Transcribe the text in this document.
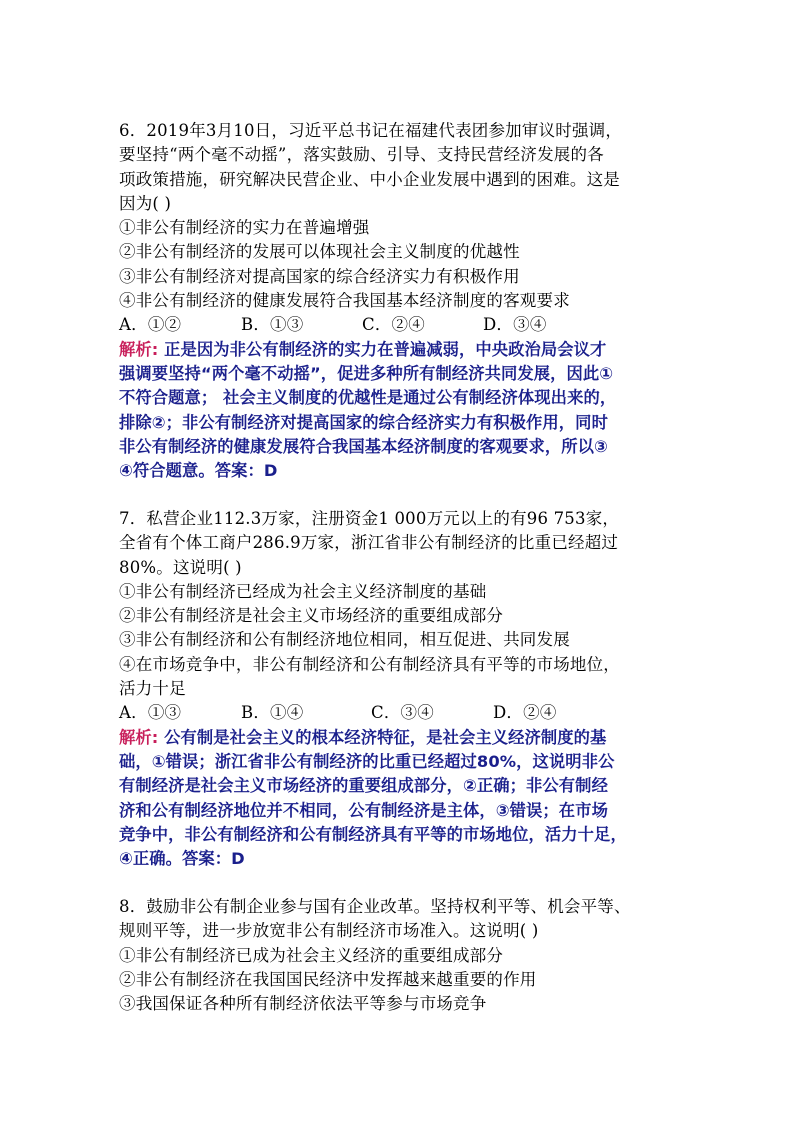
6．2019年3月10日，习近平总书记在福建代表团参加审议时强调，
要坚持“两个毫不动摇”，落实鼓励、引导、支持民营经济发展的各
项政策措施，研究解决民营企业、中小企业发展中遇到的困难。这是
因为( )
①非公有制经济的实力在普遍增强
②非公有制经济的发展可以体现社会主义制度的优越性
③非公有制经济对提高国家的综合经济实力有积极作用
④非公有制经济的健康发展符合我国基本经济制度的客观要求
A．①②	B．①③	C．②④	D．③④
解析: 正是因为非公有制经济的实力在普遍减弱，中央政治局会议才
强调要坚持“两个毫不动摇”，促进多种所有制经济共同发展，因此①
不符合题意； 社会主义制度的优越性是通过公有制经济体现出来的，
排除②；非公有制经济对提高国家的综合经济实力有积极作用，同时
非公有制经济的健康发展符合我国基本经济制度的客观要求，所以③
④符合题意。答案：D
7．私营企业112.3万家，注册资金1 000万元以上的有96 753家，
全省有个体工商户286.9万家，浙江省非公有制经济的比重已经超过
80%。这说明( )
①非公有制经济已经成为社会主义经济制度的基础
②非公有制经济是社会主义市场经济的重要组成部分
③非公有制经济和公有制经济地位相同，相互促进、共同发展
④在市场竞争中，非公有制经济和公有制经济具有平等的市场地位，
活力十足
A．①③	B．①④	C．③④	D．②④
解析: 公有制是社会主义的根本经济特征，是社会主义经济制度的基
础，①错误；浙江省非公有制经济的比重已经超过80%，这说明非公
有制经济是社会主义市场经济的重要组成部分，②正确；非公有制经
济和公有制经济地位并不相同，公有制经济是主体，③错误；在市场
竞争中，非公有制经济和公有制经济具有平等的市场地位，活力十足，
④正确。答案：D
8．鼓励非公有制企业参与国有企业改革。坚持权利平等、机会平等、
规则平等，进一步放宽非公有制经济市场准入。这说明( )
①非公有制经济已成为社会主义经济的重要组成部分
②非公有制经济在我国国民经济中发挥越来越重要的作用
③我国保证各种所有制经济依法平等参与市场竞争
